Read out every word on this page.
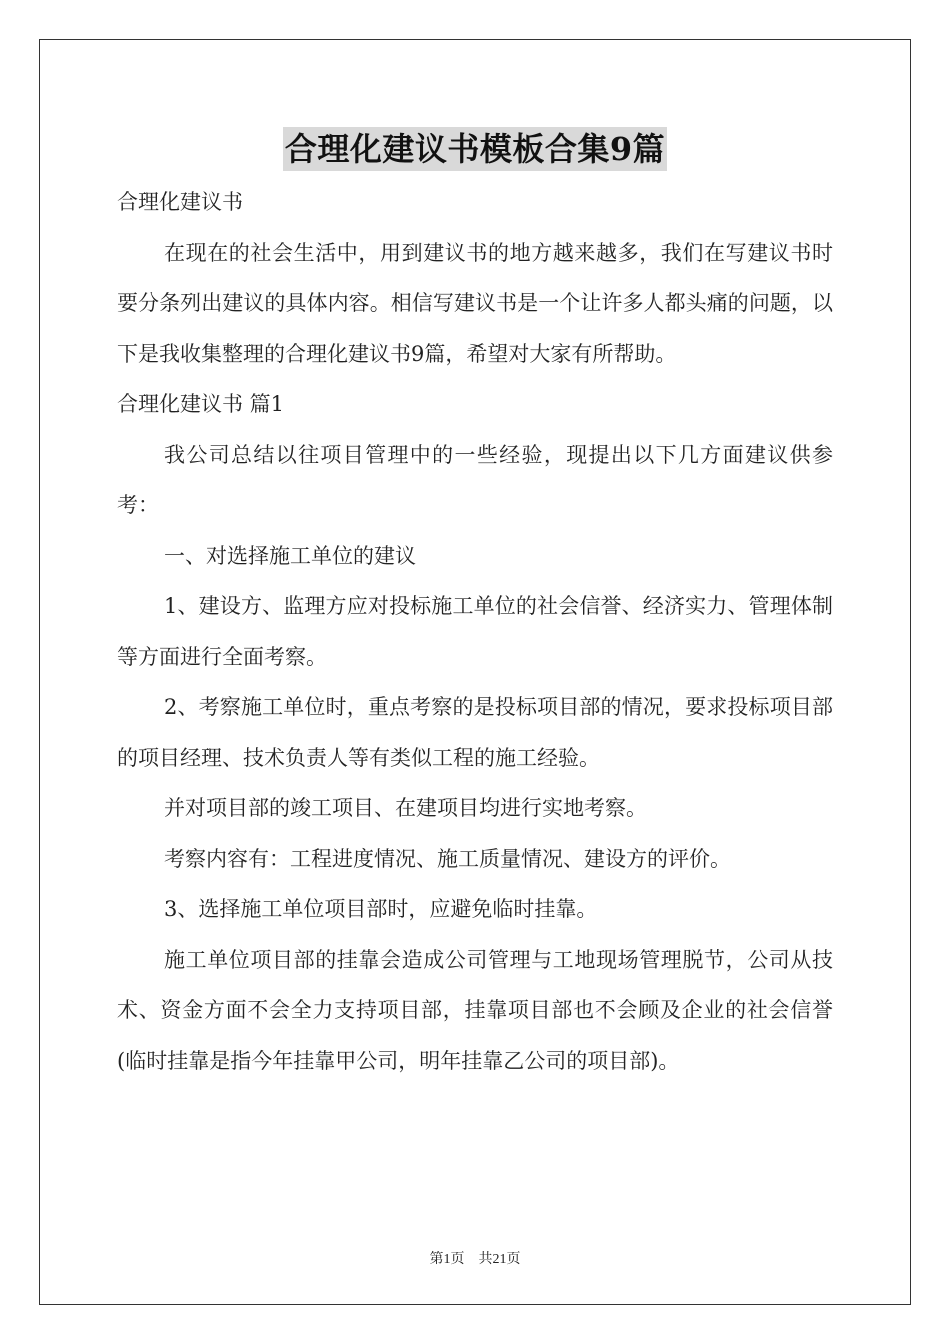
合理化建议书模板合集9篇

合理化建议书

在现在的社会生活中，用到建议书的地方越来越多，我们在写建议书时要分条列出建议的具体内容。相信写建议书是一个让许多人都头痛的问题，以下是我收集整理的合理化建议书9篇，希望对大家有所帮助。

合理化建议书 篇1

我公司总结以往项目管理中的一些经验，现提出以下几方面建议供参考：

一、对选择施工单位的建议

1、建设方、监理方应对投标施工单位的社会信誉、经济实力、管理体制等方面进行全面考察。

2、考察施工单位时，重点考察的是投标项目部的情况，要求投标项目部的项目经理、技术负责人等有类似工程的施工经验。

并对项目部的竣工项目、在建项目均进行实地考察。

考察内容有：工程进度情况、施工质量情况、建设方的评价。

3、选择施工单位项目部时，应避免临时挂靠。

施工单位项目部的挂靠会造成公司管理与工地现场管理脱节，公司从技术、资金方面不会全力支持项目部，挂靠项目部也不会顾及企业的社会信誉(临时挂靠是指今年挂靠甲公司，明年挂靠乙公司的项目部)。

第1页 共21页
